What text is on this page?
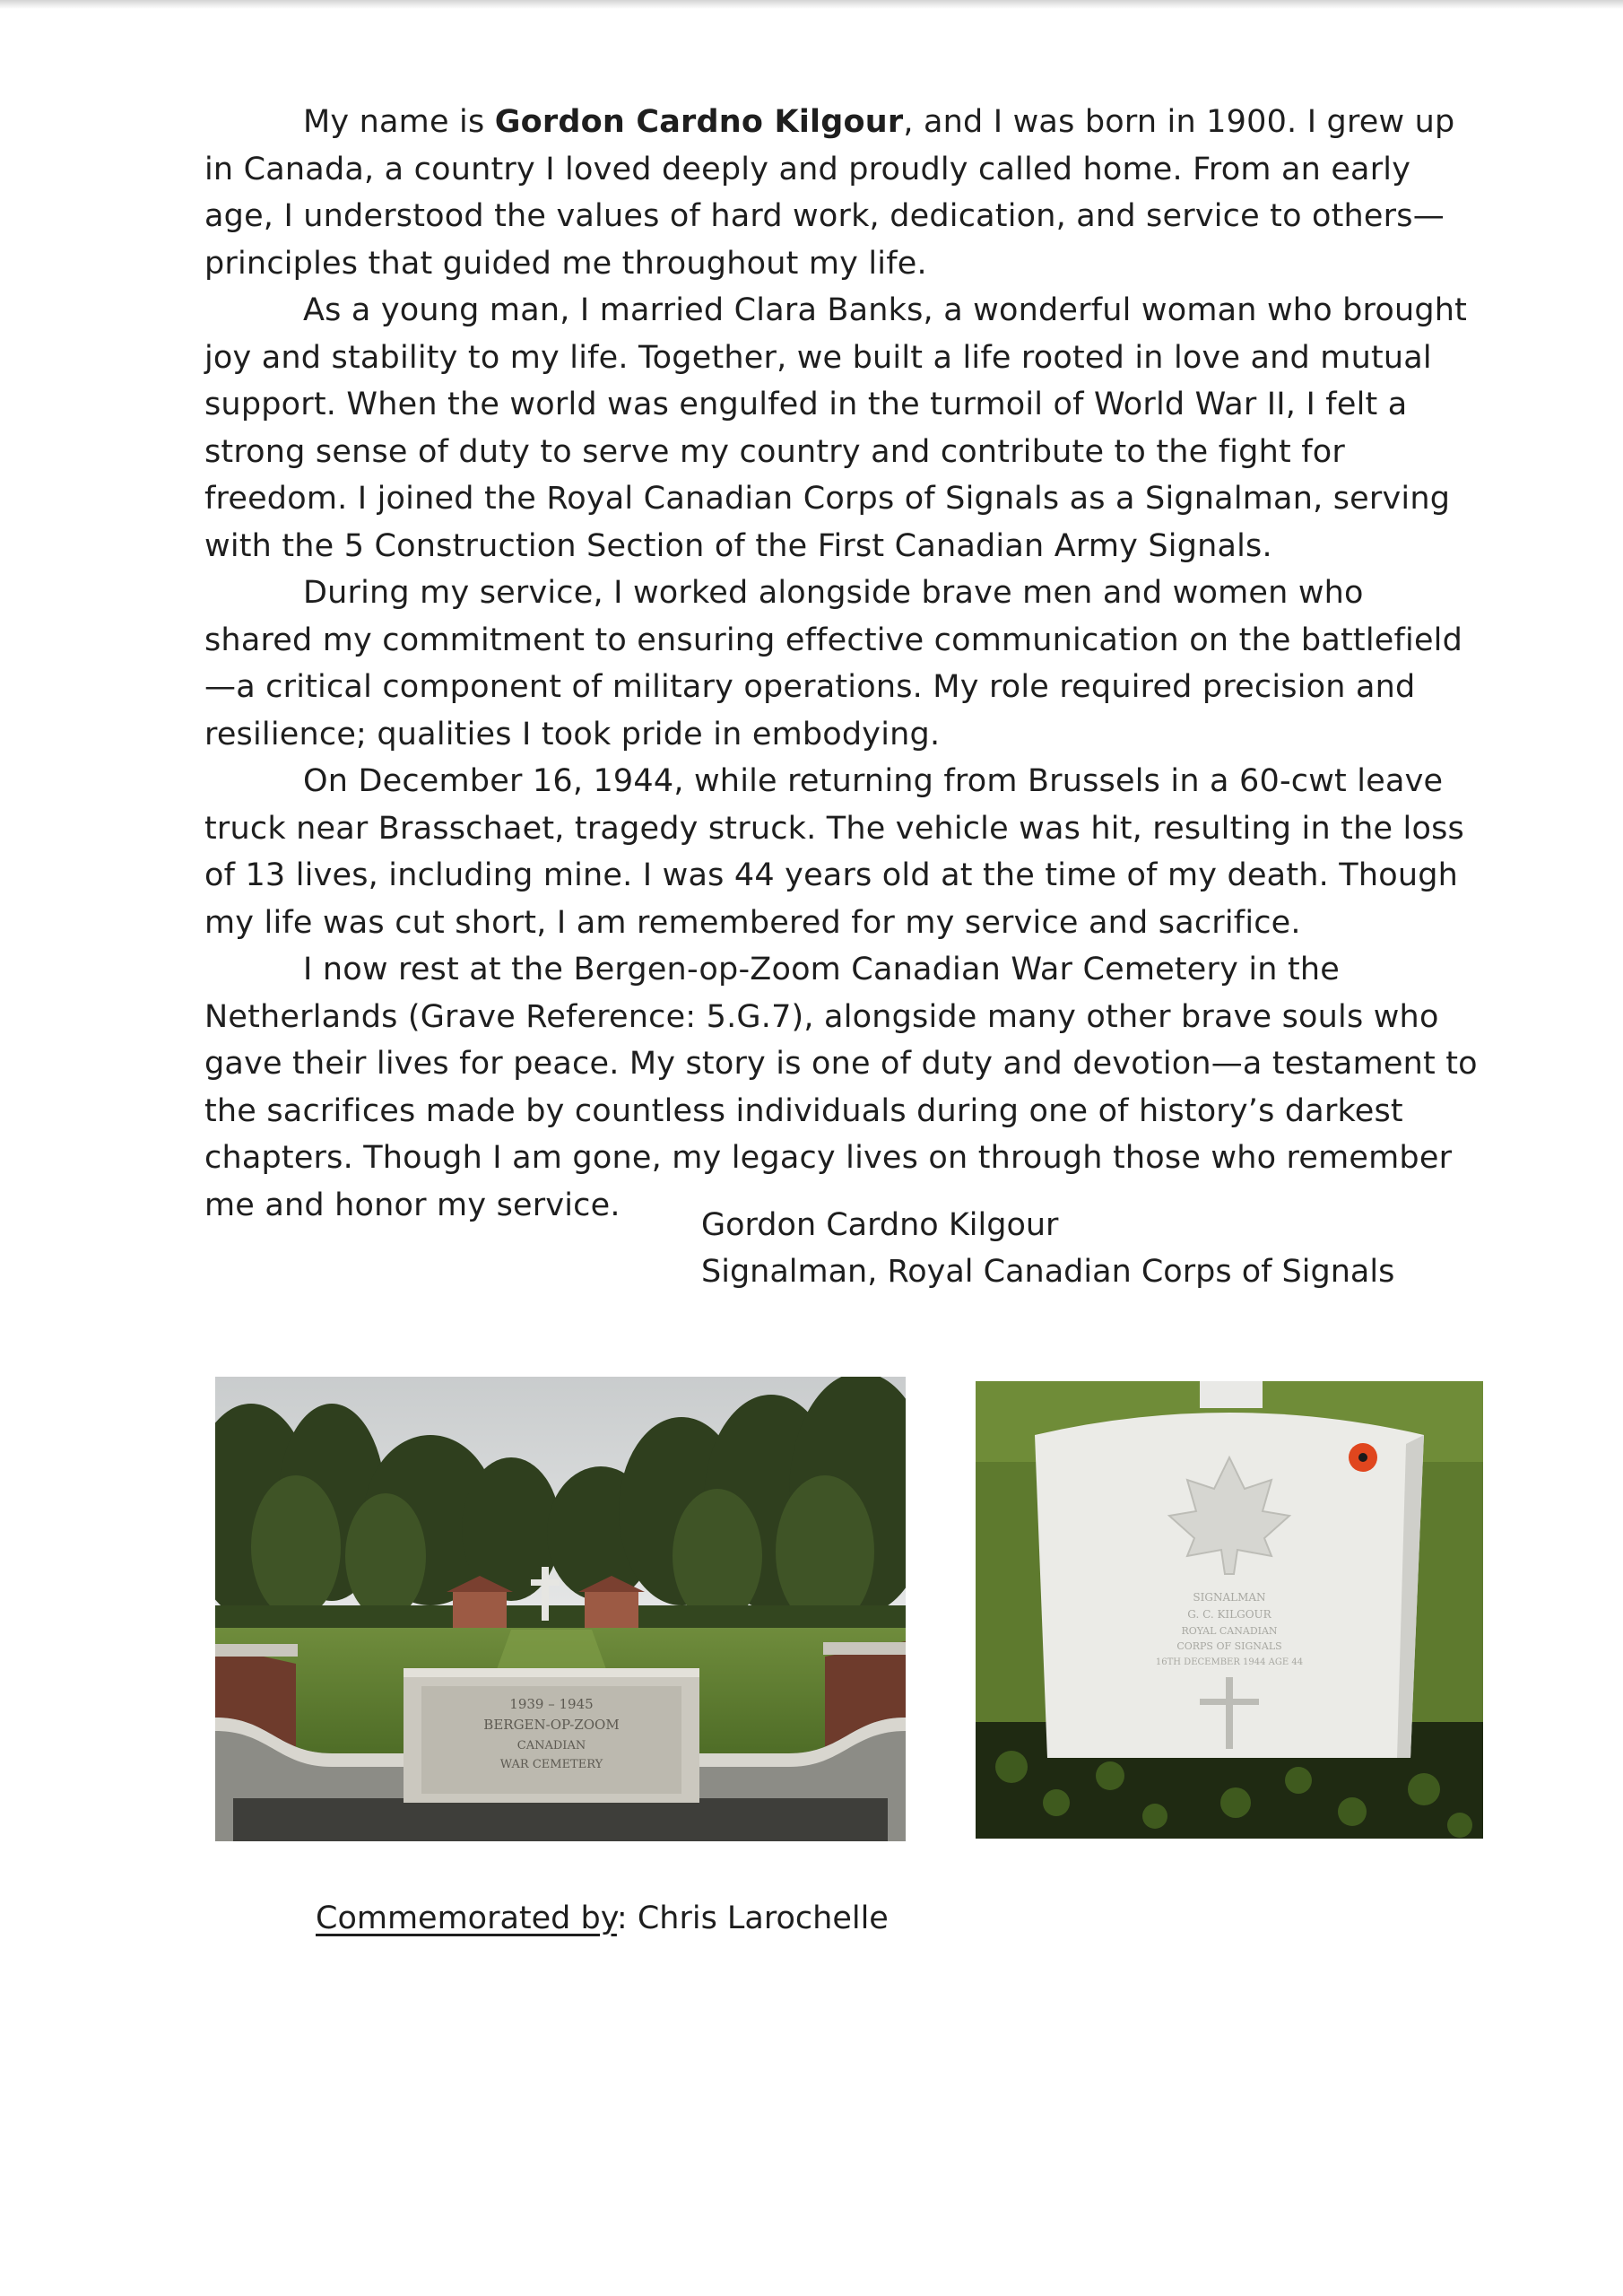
My name is Gordon Cardno Kilgour, and I was born in 1900. I grew up in Canada, a country I loved deeply and proudly called home. From an early age, I understood the values of hard work, dedication, and service to others—principles that guided me throughout my life.

As a young man, I married Clara Banks, a wonderful woman who brought joy and stability to my life. Together, we built a life rooted in love and mutual support. When the world was engulfed in the turmoil of World War II, I felt a strong sense of duty to serve my country and contribute to the fight for freedom. I joined the Royal Canadian Corps of Signals as a Signalman, serving with the 5 Construction Section of the First Canadian Army Signals.

During my service, I worked alongside brave men and women who shared my commitment to ensuring effective communication on the battlefield—a critical component of military operations. My role required precision and resilience; qualities I took pride in embodying.

On December 16, 1944, while returning from Brussels in a 60-cwt leave truck near Brasschaet, tragedy struck. The vehicle was hit, resulting in the loss of 13 lives, including mine. I was 44 years old at the time of my death. Though my life was cut short, I am remembered for my service and sacrifice.

I now rest at the Bergen-op-Zoom Canadian War Cemetery in the Netherlands (Grave Reference: 5.G.7), alongside many other brave souls who gave their lives for peace. My story is one of duty and devotion—a testament to the sacrifices made by countless individuals during one of history’s darkest chapters. Though I am gone, my legacy lives on through those who remember me and honor my service.

Gordon Cardno Kilgour
Signalman, Royal Canadian Corps of Signals
1939 – 1945
BERGEN-OP-ZOOM
CANADIAN
WAR CEMETERY
SIGNALMAN
G. C. KILGOUR
ROYAL CANADIAN
CORPS OF SIGNALS
16TH DECEMBER 1944 AGE 44
Commemorated by: Chris Larochelle
